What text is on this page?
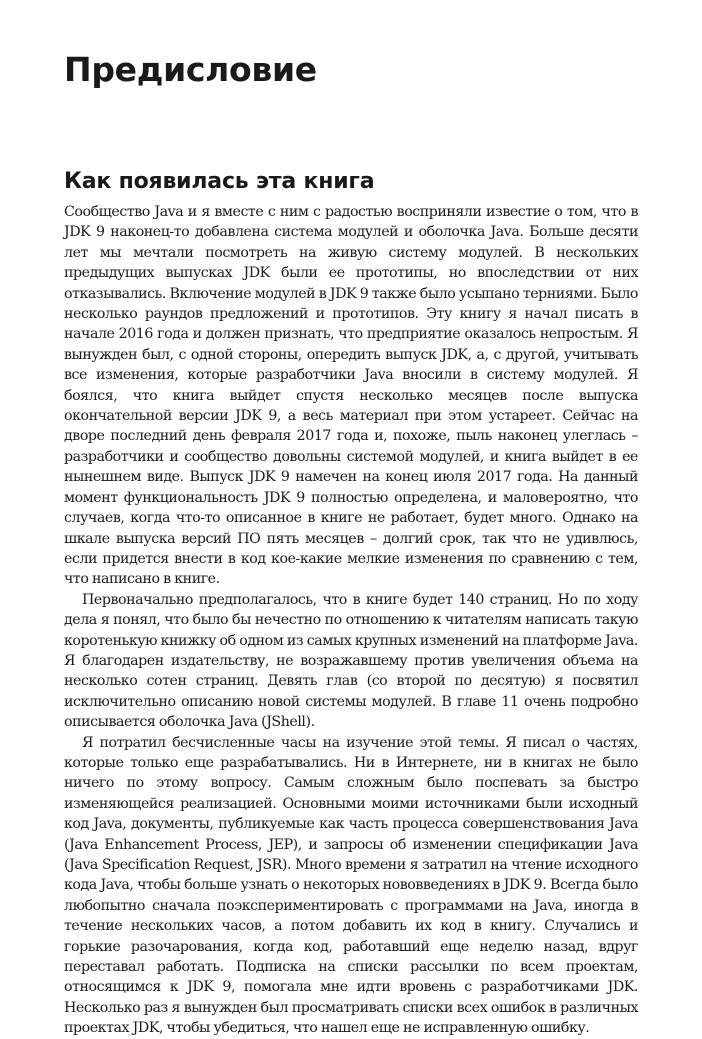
Предисловие
Как появилась эта книга

Сообщество Java и я вместе с ним с радостью восприняли известие о том, что в JDK 9 наконец-то добавлена система модулей и оболочка Java. Больше десяти лет мы мечтали посмотреть на живую систему модулей. В нескольких предыдущих выпусках JDK были ее прототипы, но впоследствии от них отказывались. Включение модулей в JDK 9 также было усыпано терниями. Было несколько раундов предложений и прототипов. Эту книгу я начал писать в начале 2016 года и должен признать, что предприятие оказалось непростым. Я вынужден был, с одной стороны, опередить выпуск JDK, а, с другой, учитывать все изменения, которые разработчики Java вносили в систему модулей. Я боялся, что книга выйдет спустя несколько месяцев после выпуска окончательной версии JDK 9, а весь материал при этом устареет. Сейчас на дворе последний день февраля 2017 года и, похоже, пыль наконец улеглась – разработчики и сообщество довольны системой модулей, и книга выйдет в ее нынешнем виде. Выпуск JDK 9 намечен на конец июля 2017 года. На данный момент функциональность JDK 9 полностью определена, и маловероятно, что случаев, когда что-то описанное в книге не работает, будет много. Однако на шкале выпуска версий ПО пять месяцев – долгий срок, так что не удивлюсь, если придется внести в код кое-какие мелкие изменения по сравнению с тем, что написано в книге.

Первоначально предполагалось, что в книге будет 140 страниц. Но по ходу дела я понял, что было бы нечестно по отношению к читателям написать такую коротенькую книжку об одном из самых крупных изменений на платформе Java. Я благодарен издательству, не возражавшему против увеличения объема на несколько сотен страниц. Девять глав (со второй по десятую) я посвятил исключительно описанию новой системы модулей. В главе 11 очень подробно описывается оболочка Java (JShell).

Я потратил бесчисленные часы на изучение этой темы. Я писал о частях, которые только еще разрабатывались. Ни в Интернете, ни в книгах не было ничего по этому вопросу. Самым сложным было поспевать за быстро изменяющейся реализацией. Основными моими источниками были исходный код Java, документы, публикуемые как часть процесса совершенствования Java (Java Enhancement Process, JEP), и запросы об изменении спецификации Java (Java Specification Request, JSR). Много времени я затратил на чтение исходного кода Java, чтобы больше узнать о некоторых нововведениях в JDK 9. Всегда было любопытно сначала поэкспериментировать с программами на Java, иногда в течение нескольких часов, а потом добавить их код в книгу. Случались и горькие разочарования, когда код, работавший еще неделю назад, вдруг переставал работать. Подписка на списки рассылки по всем проектам, относящимся к JDK 9, помогала мне идти вровень с разработчиками JDK. Несколько раз я вынужден был просматривать списки всех ошибок в различных проектах JDK, чтобы убедиться, что нашел еще не исправленную ошибку.
